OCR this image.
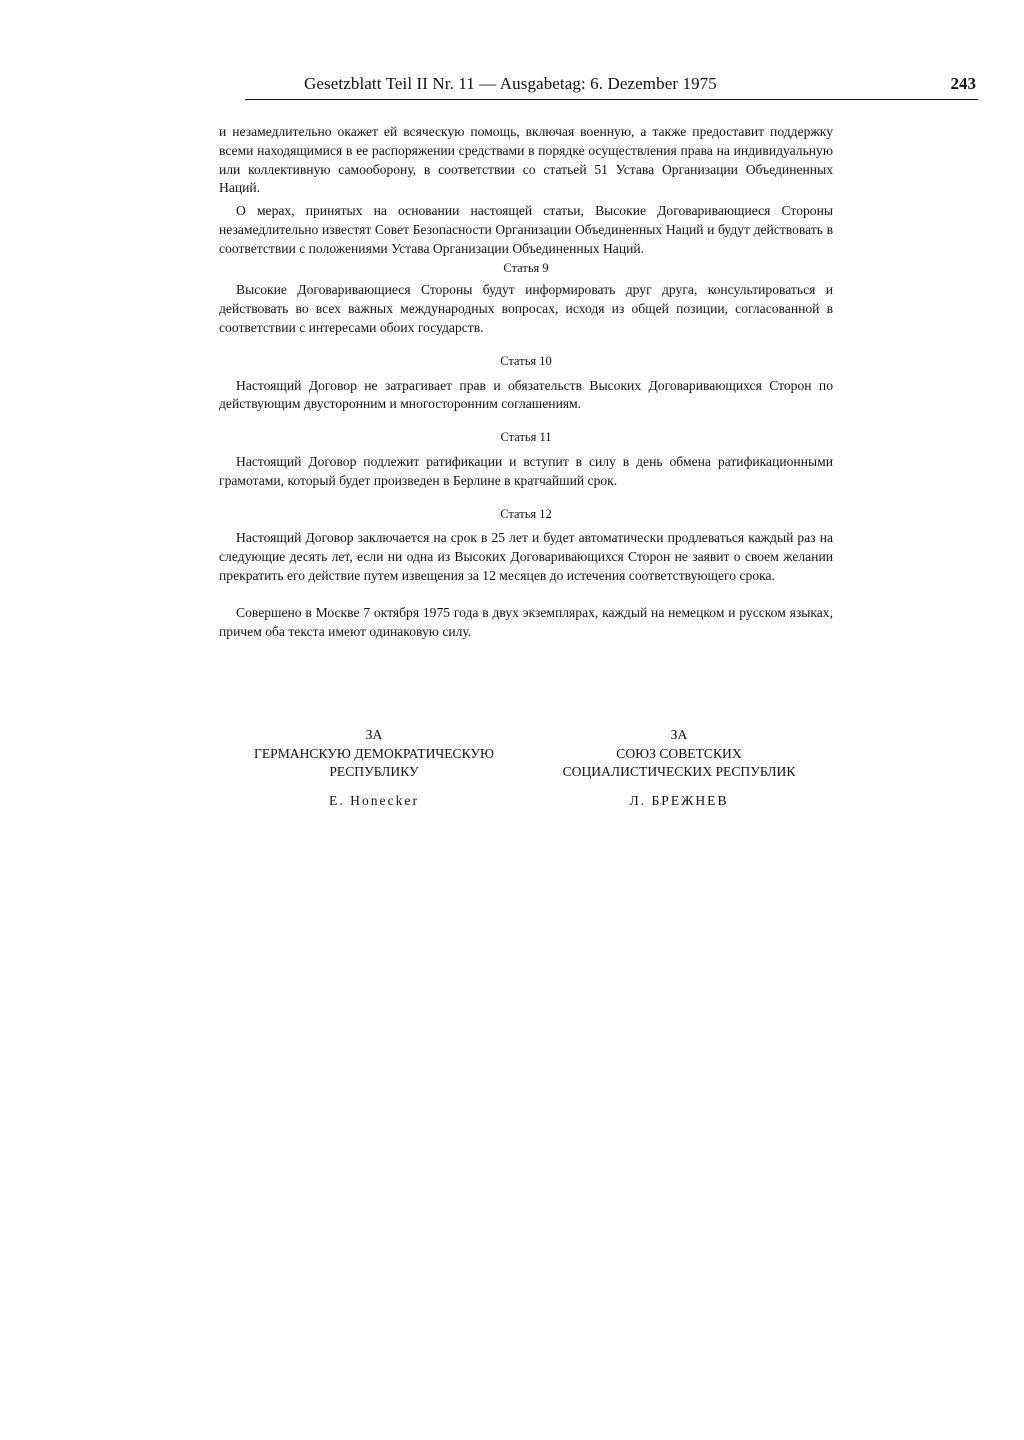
Gesetzblatt Teil II Nr. 11 — Ausgabetag: 6. Dezember 1975	243

и незамедлительно окажет ей всяческую помощь, включая военную, а также предоставит поддержку всеми находящимися в ее распоряжении средствами в порядке осуществления права на индивидуальную или коллективную самооборону, в соответствии со статьей 51 Устава Организации Объединенных Наций.

О мерах, принятых на основании настоящей статьи, Высокие Договаривающиеся Стороны незамедлительно известят Совет Безопасности Организации Объединенных Наций и будут действовать в соответствии с положениями Устава Организации Объединенных Наций.

Статья 9

Высокие Договаривающиеся Стороны будут информировать друг друга, консультироваться и действовать во всех важных международных вопросах, исходя из общей позиции, согласованной в соответствии с интересами обоих государств.

Статья 10

Настоящий Договор не затрагивает прав и обязательств Высоких Договаривающихся Сторон по действующим двусторонним и многосторонним соглашениям.

Статья 11

Настоящий Договор подлежит ратификации и вступит в силу в день обмена ратификационными грамотами, который будет произведен в Берлине в кратчайший срок.

Статья 12

Настоящий Договор заключается на срок в 25 лет и будет автоматически продлеваться каждый раз на следующие десять лет, если ни одна из Высоких Договаривающихся Сторон не заявит о своем желании прекратить его действие путем извещения за 12 месяцев до истечения соответствующего срока.

Совершено в Москве 7 октября 1975 года в двух экземплярах, каждый на немецком и русском языках, причем оба текста имеют одинаковую силу.

ЗА
ГЕРМАНСКУЮ ДЕМОКРАТИЧЕСКУЮ
РЕСПУБЛИКУ
E. Honecker
ЗА
СОЮЗ СОВЕТСКИХ
СОЦИАЛИСТИЧЕСКИХ РЕСПУБЛИК
Л. БРЕЖНЕВ
